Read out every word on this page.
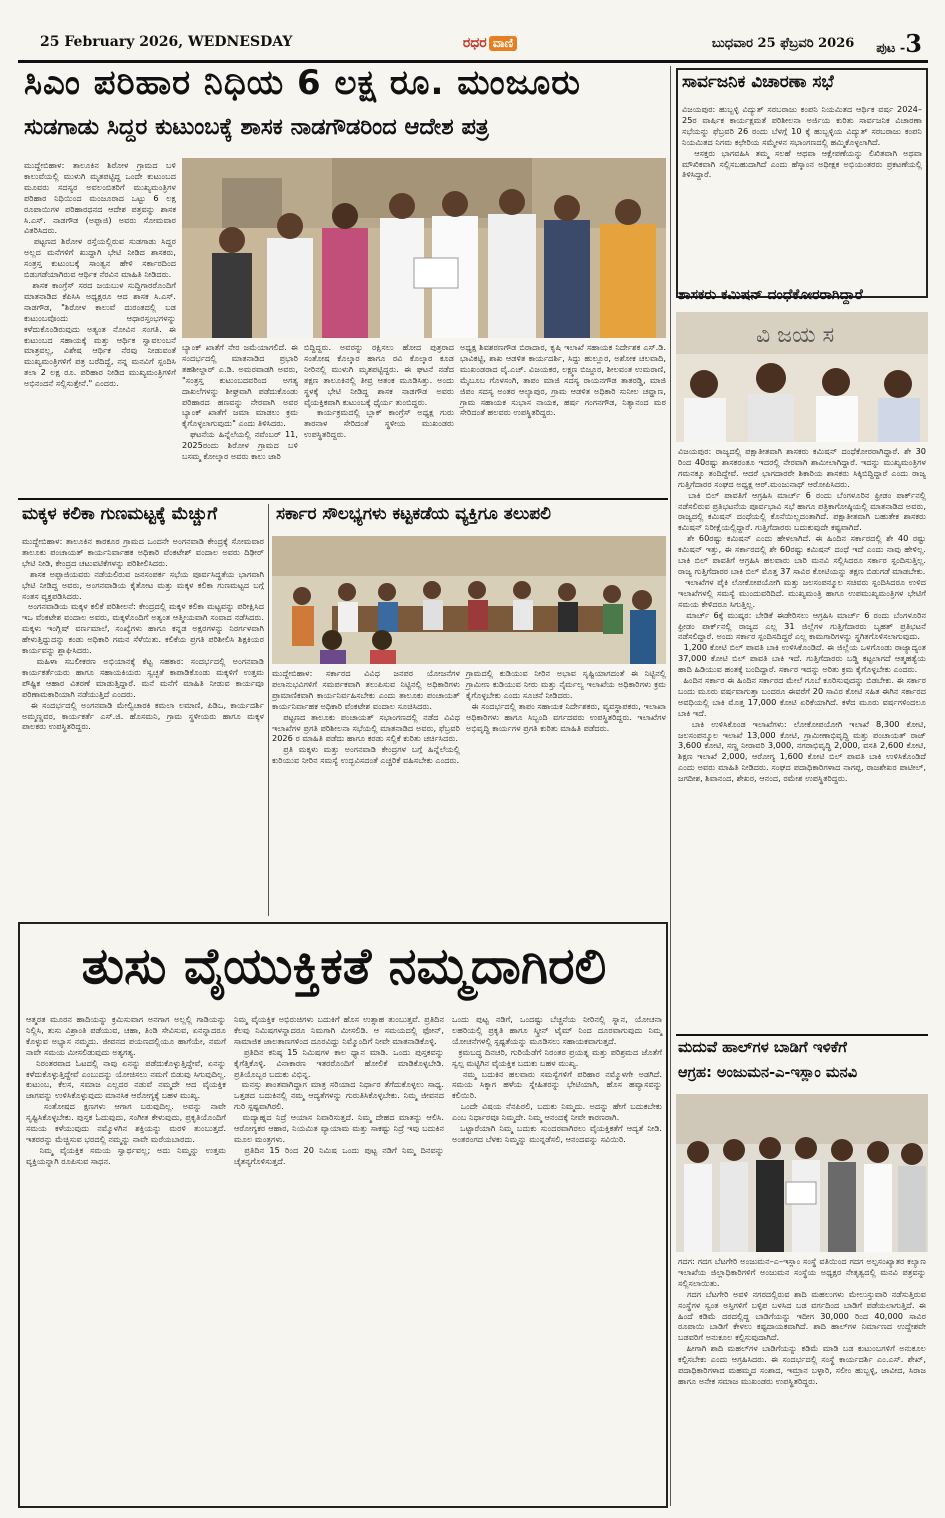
25 February 2026, WEDNESDAY	ರಧರ ವಾಣಿ	ಬುಧವಾರ 25 ಫೆಬ್ರವರಿ 2026 ಪುಟ -3
ಸಿಎಂ ಪರಿಹಾರ ನಿಧಿಯ 6 ಲಕ್ಷ ರೂ. ಮಂಜೂರು
ಸುಡಗಾಡು ಸಿದ್ದರ ಕುಟುಂಬಕ್ಕೆ ಶಾಸಕ ನಾಡಗೌಡರಿಂದ ಆದೇಶ ಪತ್ರ
ಮುದ್ದೇಬಿಹಾಳ: ತಾಲೂಕಿನ ಶಿರೋಳ ಗ್ರಾಮದ ಬಳಿ ಕಾಲುವೆಯಲ್ಲಿ ಮುಳುಗಿ ಮೃತಪಟ್ಟಿದ್ದ ಒಂದೇ ಕುಟುಂಬದ ಮೂವರು ಸದಸ್ಯರ ಅವಲಂಬಿತರಿಗೆ ಮುಖ್ಯಮಂತ್ರಿಗಳ ಪರಿಹಾರ ನಿಧಿಯಿಂದ ಮಂಜೂರಾದ ಒಟ್ಟು 6 ಲಕ್ಷ ರೂಪಾಯಿಗಳ ಪರಿಹಾರಧನದ ಆದೇಶ ಪತ್ರವನ್ನು ಶಾಸಕ ಸಿ.ಎಸ್. ನಾಡಗೌಡ (ಅಪ್ಪಾಜಿ) ಅವರು ಸೋಮವಾರ ವಿತರಿಸಿದರು.
ಪಟ್ಟಣದ ಶಿರೋಳ ರಸ್ತೆಯಲ್ಲಿರುವ ಸುಡಗಾಡು ಸಿದ್ದರ ಅಲ್ಲದ ಮನೆಗಳಿಗೆ ಖುದ್ದಾಗಿ ಭೇಟಿ ನೀಡಿದ ಶಾಸಕರು, ಸಂತ್ರಸ್ತ ಕುಟುಂಬಕ್ಕೆ ಸಾಂತ್ವನ ಹೇಳಿ ಸರ್ಕಾರದಿಂದ ಬಿಡುಗಡೆಯಾಗಿರುವ ಆರ್ಥಿಕ ನೆರವಿನ ಮಾಹಿತಿ ನೀಡಿದರು.
ಶಾಸಕ ಕಾಂಗ್ರೆಸ್ ಸರದ ಜಯಬುಳ ಸುದ್ದಿಗಾರರೊಂದಿಗೆ ಮಾತನಾಡಿದ ಕೆಪಿಸಿಸಿ ಅಧ್ಯಕ್ಷರೂ ಆದ ಶಾಸಕ ಸಿ.ಎಸ್. ನಾಡಗೌಡ, "ಶಿರೋಳ ಕಾಲುವೆ ದುರಂತದಲ್ಲಿ ಬಡ ಕುಟುಂಬವೊಂದು ಆಧಾರಸ್ತಂಭಗಳನ್ನು ಕಳೆದುಕೊಂಡಿರುವುದು ಅತ್ಯಂತ ನೋವಿನ ಸಂಗತಿ. ಈ ಕುಟುಂಬದ ಸಹಾಯಕ್ಕೆ ಮತ್ತು ಆರ್ಥಿಕ ಸ್ವಾವಲಂಬನೆ ಮಾತ್ರವಲ್ಲ, ವಿಶೇಷ ಆರ್ಥಿಕ ನೆರವು ನೀಡುವಂತೆ ಮುಖ್ಯಮಂತ್ರಿಗಳಿಗೆ ಪತ್ರ ಬರೆದಿದ್ದೆ, ನನ್ನ ಮನವಿಗೆ ಸ್ಪಂದಿಸಿ ತಲಾ 2 ಲಕ್ಷ ರೂ. ಪರಿಹಾರ ನೀಡಿದ ಮುಖ್ಯಮಂತ್ರಿಗಳಿಗೆ ಅಭಿನಂದನೆ ಸಲ್ಲಿಸುತ್ತೇನೆ." ಎಂದರು.
ಬ್ಯಾಂಕ್ ಖಾತೆಗೆ ನೇರ ಜಮೆಯಾಗಲಿದೆ. ಈ ಸಂದರ್ಭದಲ್ಲಿ ಮಾತನಾಡಿದ ಪ್ರಭಾರಿ ತಹಶೀಲ್ದಾರ್ ಎ.ಡಿ. ಅಮರವಾಡಗಿ ಅವರು, "ಸಂತ್ರಸ್ತ ಕುಟುಂಬದವರಿಂದ ಅಗತ್ಯ ದಾಖಲೆಗಳನ್ನು ಶೀಘ್ರವಾಗಿ ಪಡೆದುಕೊಂಡು ಪರಿಹಾರದ ಹಣವನ್ನು ನೇರವಾಗಿ ಅವರ ಬ್ಯಾಂಕ್ ಖಾತೆಗೆ ಜಮಾ ಮಾಡಲು ಕ್ರಮ ಕೈಗೊಳ್ಳಲಾಗುವುದು" ಎಂದು ತಿಳಿಸಿದರು.
ಘಟನೆಯ ಹಿನ್ನೆಲೆಯಲ್ಲಿ ನವೆಂಬರ್ 11, 2025ರಂದು ಶಿರೋಳ ಗ್ರಾಮದ ಬಳಿ ಬಸಮ್ಮ ಕೋಲ್ಕಾರ ಅವರು ಕಾಲು ಜಾರಿ
ಬಿದ್ದಿದ್ದರು. ಅವರನ್ನು ರಕ್ಷಿಸಲು ಹೋದ ಪುತ್ರರಾದ ಸಂತೋಷ ಕೊಲ್ಕಾರ ಹಾಗೂ ರವಿ ಕೊಲ್ಕಾರ ಕೂಡ ನೀರಿನಲ್ಲಿ ಮುಳುಗಿ ಮೃತಪಟ್ಟಿದ್ದರು. ಈ ಘಟನೆ ನಡೆದ ತಕ್ಷಣ ತಾಲೂಕಿನಲ್ಲಿ ತೀವ್ರ ಆತಂಕ ಮೂಡಿಸಿತ್ತು. ಅಂದು ಸ್ಥಳಕ್ಕೆ ಭೇಟಿ ನೀಡಿದ್ದ ಶಾಸಕ ನಾಡಗೌಡ ಅವರು ವೈಯಕ್ತಿಕವಾಗಿ ಕುಟುಂಬಕ್ಕೆ ಧೈರ್ಯ ತುಂಬಿದ್ದರು.
ಕಾರ್ಯಕ್ರಮದಲ್ಲಿ ಬ್ಲಾಕ್ ಕಾಂಗ್ರೆಸ್ ಅಧ್ಯಕ್ಷ ಗುರು ತಾರನಾಳ ಸೇರಿದಂತೆ ಸ್ಥಳೀಯ ಮುಖಂಡರು ಉಪಸ್ಥಿತರಿದ್ದರು.
ಅಧ್ಯಕ್ಷ ಶಿವಶರಣಗೌಡ ಬಿರಾದಾರ, ಕೃಷಿ ಇಲಾಖೆ ಸಹಾಯಕ ನಿರ್ದೇಶಕ ಎಸ್.ಡಿ. ಭಾವಿಕಟ್ಟಿ, ಶಾಖ ಆಡಳಿತ ಕಾರ್ಯದರ್ಶಿ, ಸಿದ್ದು ಹುಲ್ಲೂರ, ಅಶೋಕ ಚಲವಾದಿ, ಮುಖಂಡರಾದ ವೈ.ಎಚ್. ವಿಜಯಕರ, ಲಕ್ಷ್ಮಣ ಬಿಜ್ಜೂರ, ಶೀಲವಂತ ಉಮರಾಣಿ, ಮೈಬೂಬ ಗೊಳಸಂಗಿ, ತಾಪಂ ಮಾಜಿ ಸದಸ್ಯ ರಾಯನಗೌಡ ತಾತರಡ್ಡಿ, ಮಾಜಿ ಜಿಪಂ ಸದಸ್ಯ ಅಂತರ ಆಲ್ಯಾಪುರ, ಗ್ರಾಮ ಆಡಳಿತ ಅಧಿಕಾರಿ ಸುನೀಲ ಚವ್ಹಾಣ, ಗ್ರಾಮ ಸಹಾಯಕ ಸುಭಾಸ ನಾಯಕ, ಹರ್ಷ ಗಂಗನಗೌಡ, ನಿತ್ಯಾನಂದ ಮಠ ಸೇರಿದಂತೆ ಹಲವರು ಉಪಸ್ಥಿತರಿದ್ದರು.
ಮಕ್ಕಳ ಕಲಿಕಾ ಗುಣಮಟ್ಟಕ್ಕೆ ಮೆಚ್ಚುಗೆ
ಮುದ್ದೇಬಿಹಾಳ: ತಾಲೂಕಿನ ಕಾರಕೂರ ಗ್ರಾಮದ ಒಂದನೇ ಅಂಗನವಾಡಿ ಕೇಂದ್ರಕ್ಕೆ ಸೋಮವಾರ ತಾಲೂಕು ಪಂಚಾಯತ್ ಕಾರ್ಯನಿರ್ವಾಹಕ ಅಧಿಕಾರಿ ವೆಂಕಟೇಶ್ ವಂದಾಲ ಅವರು ದಿಢೀರ್ ಭೇಟಿ ನೀಡಿ, ಕೇಂದ್ರದ ಚಟುವಟಿಕೆಗಳನ್ನು ಪರಿಶೀಲಿಸಿದರು.
ಶಾಸಕ ಅಪ್ಪಾಜಿಯವರು ನಡೆಯಲಿರುವ ಜನಸಂಪರ್ಕ ಸಭೆಯ ಪೂರ್ವಸಿದ್ಧತೆಯ ಭಾಗವಾಗಿ ಭೇಟಿ ನೀಡಿದ್ದ ಅವರು, ಅಂಗನವಾಡಿಯ ಕೈತೋಟ ಮತ್ತು ಮಕ್ಕಳ ಕಲಿಕಾ ಗುಣಮಟ್ಟದ ಬಗ್ಗೆ ಸಂತಸ ವ್ಯಕ್ತಪಡಿಸಿದರು.
ಅಂಗನವಾಡಿಯ ಮಕ್ಕಳ ಕಲಿಕೆ ಪರಿಶೀಲನೆ: ಕೇಂದ್ರದಲ್ಲಿ ಮಕ್ಕಳ ಕಲಿಕಾ ಮಟ್ಟವನ್ನು ಪರೀಕ್ಷಿಸಿದ ಇಒ ವೆಂಕಟೇಶ ವಂದಾಲ ಅವರು, ಮಕ್ಕಳೊಂದಿಗೆ ಅತ್ಯಂತ ಆತ್ಮೀಯವಾಗಿ ಸಂವಾದ ನಡೆಸಿದರು. ಮಕ್ಕಳು ಇಂಗ್ಲಿಷ್ ವರ್ಣಮಾಲೆ, ಸಂಖ್ಯೆಗಳು ಹಾಗೂ ಕನ್ನಡ ಅಕ್ಷರಗಳನ್ನು ನಿರರ್ಗಳವಾಗಿ ಹೇಳುತ್ತಿದ್ದುದನ್ನು ಕಂಡು ಅಧಿಕಾರಿ ಗಮನ ಸೆಳೆಯಿತು. ಕಲಿಕೆಯ ಪ್ರಗತಿ ಪರಿಶೀಲಿಸಿ ಶಿಕ್ಷಕಿಯರ ಕಾರ್ಯವನ್ನು ಶ್ಲಾಘಿಸಿದರು.
ಮಹಿಳಾ ಸಬಲೀಕರಣ ಅಭಿಯಾನಕ್ಕೆ ಕೆಟ್ಟ ಸಹಕಾರ: ಸಂದರ್ಭದಲ್ಲಿ ಅಂಗನವಾಡಿ ಕಾರ್ಯಕರ್ತೆಯರು ಹಾಗೂ ಸಹಾಯಕಿಯರು ಸ್ವಚ್ಛತೆ ಕಾಪಾಡಿಕೊಂಡು ಮಕ್ಕಳಿಗೆ ಉತ್ತಮ ಪೌಷ್ಟಿಕ ಆಹಾರ ವಿತರಣೆ ಮಾಡುತ್ತಿದ್ದಾರೆ. ಮನೆ ಮನೆಗೆ ಮಾಹಿತಿ ನೀಡುವ ಕಾರ್ಯವೂ ಪರಿಣಾಮಕಾರಿಯಾಗಿ ನಡೆಯುತ್ತಿದೆ ಎಂದರು.
ಈ ಸಂದರ್ಭದಲ್ಲಿ ಅಂಗನವಾಡಿ ಮೇಲ್ವಿಚಾರಕಿ ಕಮಲಾ ಲಮಾಣಿ, ಪಿಡಿಒ, ಕಾರ್ಯದರ್ಶಿ ಅಮ್ಮಣ್ಣವರ, ಕಾರ್ಯಕರ್ತೆ ಎಸ್.ಜಿ. ಹೊಸಮನಿ, ಗ್ರಾಮ ಸ್ಥಳೀಯರು ಹಾಗೂ ಮಕ್ಕಳ ಪಾಲಕರು ಉಪಸ್ಥಿತರಿದ್ದರು.
ಸರ್ಕಾರ ಸೌಲಭ್ಯಗಳು ಕಟ್ಟಕಡೆಯ ವ್ಯಕ್ತಿಗೂ ತಲುಪಲಿ
ಮುದ್ದೇಬಿಹಾಳ: ಸರ್ಕಾರದ ವಿವಿಧ ಜನಪರ ಯೋಜನೆಗಳ ಪಲಾನುಭವಿಗಳಿಗೆ ಸಮರ್ಪಕವಾಗಿ ತಲುಪಿಸುವ ನಿಟ್ಟಿನಲ್ಲಿ ಅಧಿಕಾರಿಗಳು ಪ್ರಾಮಾಣಿಕವಾಗಿ ಕಾರ್ಯನಿರ್ವಹಿಸಬೇಕು ಎಂದು ತಾಲೂಕು ಪಂಚಾಯತ್ ಕಾರ್ಯನಿರ್ವಾಹಕ ಅಧಿಕಾರಿ ವೆಂಕಟೇಶ ವಂದಾಲ ಸೂಚಿಸಿದರು.
ಪಟ್ಟಣದ ತಾಲೂಕು ಪಂಚಾಯತ್ ಸಭಾಂಗಣದಲ್ಲಿ ನಡೆದ ವಿವಿಧ ಇಲಾಖೆಗಳ ಪ್ರಗತಿ ಪರಿಶೀಲನಾ ಸಭೆಯಲ್ಲಿ ಮಾತನಾಡಿದ ಅವರು, ಫೆಬ್ರವರಿ 2026 ರ ಮಾಹಿತಿ ಪಡೆದು ಹಾಗೂ ಕರಡು ಸಲ್ಲಿಕೆ ಕುರಿತು ಚರ್ಚಿಸಿದರು.
ಪ್ರತಿ ಮಕ್ಕಳು ಮತ್ತು ಅಂಗನವಾಡಿ ಕೇಂದ್ರಗಳ ಬಗ್ಗೆ ಹಿನ್ನೆಲೆಯಲ್ಲಿ ಕುರಿಯುವ ನೀರಿನ ಸಮಸ್ಯೆ ಉದ್ಭವಿಸದಂತೆ ಎಚ್ಚರಿಕೆ ವಹಿಸಬೇಕು ಎಂದರು.
ಗ್ರಾಮದಲ್ಲಿ ಕುಡಿಯುವ ನೀರಿನ ಅಭಾವ ಸೃಷ್ಟಿಯಾಗದಂತೆ ಈ ನಿಟ್ಟಿನಲ್ಲಿ ಗ್ರಾಮೀಣ ಕುಡಿಯುವ ನೀರು ಮತ್ತು ನೈರ್ಮಲ್ಯ ಇಲಾಖೆಯ ಅಧಿಕಾರಿಗಳು ಕ್ರಮ ಕೈಗೊಳ್ಳಬೇಕು ಎಂದು ಸೂಚನೆ ನೀಡಿದರು.
ಈ ಸಂದರ್ಭದಲ್ಲಿ ತಾಪಂ ಸಹಾಯಕ ನಿರ್ದೇಶಕರು, ವ್ಯವಸ್ಥಾಪಕರು, ಇಲಾಖಾ ಅಧಿಕಾರಿಗಳು ಹಾಗೂ ಸಿಬ್ಬಂದಿ ವರ್ಗದವರು ಉಪಸ್ಥಿತರಿದ್ದರು. ಇಲಾಖೆಗಳ ಅಭಿವೃದ್ಧಿ ಕಾರ್ಯಗಳ ಪ್ರಗತಿ ಕುರಿತು ಮಾಹಿತಿ ಪಡೆದರು.
ತುಸು ವೈಯುಕ್ತಿಕತೆ ನಮ್ಮದಾಗಿರಲಿ
ಆತ್ಮರತ ಮೂರನ ಹಾದಿಯನ್ನು ಕ್ರಮಿಸುವಾಗ ಅನಗಾಗ ಅಲ್ಲಲ್ಲಿ ಗಾಡಿಯನ್ನು ನಿಲ್ಲಿಸಿ, ತುಸು ವಿಶ್ರಾಂತಿ ಪಡೆಯುವ, ಚಹಾ, ತಿಂಡಿ ಸೇವಿಸುವ, ಏನನ್ನಾದರೂ ಕೊಳ್ಳುವ ಅಭ್ಯಾಸ ನಮ್ಮದು. ಜೀವನದ ಪಯಣದಲ್ಲಿಯೂ ಹಾಗೆಯೇ, ನಮಗೆ ನಾವೇ ಸಮಯ ಮೀಸಲಿಡುವುದು ಅತ್ಯಗತ್ಯ.
ನಿರಂತರವಾದ ಓಟದಲ್ಲಿ ನಾವು ಏನನ್ನು ಪಡೆದುಕೊಳ್ಳುತ್ತಿದ್ದೇವೆ, ಏನನ್ನು ಕಳೆದುಕೊಳ್ಳುತ್ತಿದ್ದೇವೆ ಎಂಬುದನ್ನು ಯೋಚಿಸಲು ನಮಗೆ ಬಿಡುವು ಸಿಗುವುದಿಲ್ಲ. ಕುಟುಂಬ, ಕೆಲಸ, ಸಮಾಜ ಎಲ್ಲದರ ನಡುವೆ ನಮ್ಮದೇ ಆದ ವೈಯಕ್ತಿಕ ಜಾಗವನ್ನು ಉಳಿಸಿಕೊಳ್ಳುವುದು ಮಾನಸಿಕ ಆರೋಗ್ಯಕ್ಕೆ ಬಹಳ ಮುಖ್ಯ.
ಸಂತೋಷದ ಕ್ಷಣಗಳು ಆಗಾಗ ಬರುವುದಿಲ್ಲ. ಅವನ್ನು ನಾವೇ ಸೃಷ್ಟಿಸಿಕೊಳ್ಳಬೇಕು. ಪುಸ್ತಕ ಓದುವುದು, ಸಂಗೀತ ಕೇಳುವುದು, ಪ್ರಕೃತಿಯೊಂದಿಗೆ ಸಮಯ ಕಳೆಯುವುದು ನಮ್ಮೊಳಗಿನ ಶಕ್ತಿಯನ್ನು ಮರಳಿ ತುಂಬುತ್ತದೆ. ಇತರರನ್ನು ಮೆಚ್ಚಿಸುವ ಭರದಲ್ಲಿ ನಮ್ಮನ್ನು ನಾವೇ ಮರೆಯಬಾರದು.
ನಿಮ್ಮ ವೈಯಕ್ತಿಕ ಸಮಯ ಸ್ವಾರ್ಥವಲ್ಲ; ಅದು ನಿಮ್ಮನ್ನು ಉತ್ತಮ ವ್ಯಕ್ತಿಯನ್ನಾಗಿ ರೂಪಿಸುವ ಸಾಧನ.
ನಿಮ್ಮ ವೈಯಕ್ತಿಕ ಅಭಿರುಚಿಗಳು ಬದುಕಿಗೆ ಹೊಸ ಉತ್ಸಾಹ ತುಂಬುತ್ತವೆ. ಪ್ರತಿದಿನ ಕೆಲವು ನಿಮಿಷಗಳನ್ನಾದರೂ ನಿಮಗಾಗಿ ಮೀಸಲಿಡಿ. ಆ ಸಮಯದಲ್ಲಿ ಫೋನ್, ಸಾಮಾಜಿಕ ಜಾಲತಾಣಗಳಿಂದ ದೂರವಿದ್ದು ನಿಮ್ಮೊಂದಿಗೆ ನೀವೇ ಮಾತನಾಡಿಕೊಳ್ಳಿ.
ಪ್ರತಿದಿನ ಕನಿಷ್ಠ 15 ನಿಮಿಷಗಳ ಕಾಲ ಧ್ಯಾನ ಮಾಡಿ. ಒಂದು ಪುಸ್ತಕವನ್ನು ಕೈಗೆತ್ತಿಕೊಳ್ಳಿ. ವಿನಾಕಾರಣ ಇತರರೊಂದಿಗೆ ಹೋಲಿಕೆ ಮಾಡಿಕೊಳ್ಳಬೇಡಿ. ಪ್ರತಿಯೊಬ್ಬರ ಬದುಕು ವಿಭಿನ್ನ.
ಮನಸ್ಸು ಶಾಂತವಾಗಿದ್ದಾಗ ಮಾತ್ರ ಸರಿಯಾದ ನಿರ್ಧಾರ ತೆಗೆದುಕೊಳ್ಳಲು ಸಾಧ್ಯ. ಒತ್ತಡದ ಬದುಕಿನಲ್ಲಿ ನಮ್ಮ ಆದ್ಯತೆಗಳನ್ನು ಗುರುತಿಸಿಕೊಳ್ಳಬೇಕು. ನಿಮ್ಮ ಜೀವನದ ಗುರಿ ಸ್ಪಷ್ಟವಾಗಿರಲಿ.
ಮದ್ಯಾಹ್ನದ ನಿದ್ರೆ ಆಯಾಸ ನಿವಾರಿಸುತ್ತದೆ. ನಿಮ್ಮ ದೇಹದ ಮಾತನ್ನು ಆಲಿಸಿ. ಆರೋಗ್ಯಕರ ಆಹಾರ, ನಿಯಮಿತ ವ್ಯಾಯಾಮ ಮತ್ತು ಸಾಕಷ್ಟು ನಿದ್ರೆ ಇವು ಬದುಕಿನ ಮೂಲ ಮಂತ್ರಗಳು.
ಪ್ರತಿದಿನ 15 ರಿಂದ 20 ನಿಮಿಷ ಒಂದು ಪುಟ್ಟ ನಡಿಗೆ ನಿಮ್ಮ ದಿನವನ್ನು ಚೈತನ್ಯಗೊಳಿಸುತ್ತದೆ.
ಒಂದು ಪುಟ್ಟ ನಡಿಗೆ, ಒಂದಷ್ಟು ಬೆಚ್ಚನೆಯ ನೀರಿನಲ್ಲಿ ಸ್ನಾನ, ಯೋಚನಾ ಲಹರಿಯಲ್ಲಿ ಪ್ರಕೃತಿ ಹಾಗೂ ಸ್ಕ್ರೀನ್ ಟೈಮ್ ನಿಂದ ದೂರವಾಗುವುದು ನಿಮ್ಮ ಯೋಚನೆಗಳಲ್ಲಿ ಸ್ಪಷ್ಟತೆಯನ್ನು ಮೂಡಿಸಲು ಸಹಾಯಕವಾಗುತ್ತದೆ.
ಕ್ರಮಬದ್ಧ ದಿನಚರಿ, ಗುರಿಯೆಡೆಗೆ ನಿರಂತರ ಪ್ರಯತ್ನ ಮತ್ತು ಪರಿಶ್ರಮದ ಜೊತೆಗೆ ಸ್ವಲ್ಪ ಮಟ್ಟಿಗಿನ ವೈಯಕ್ತಿಕ ಬದುಕು ಬಹಳ ಮುಖ್ಯ.
ನಮ್ಮ ಬದುಕಿನ ಹಲವಾರು ಸಮಸ್ಯೆಗಳಿಗೆ ಪರಿಹಾರ ನಮ್ಮೊಳಗೇ ಅಡಗಿದೆ. ಸಮಯ ಸಿಕ್ಕಾಗ ಹಳೆಯ ಸ್ನೇಹಿತರನ್ನು ಭೇಟಿಯಾಗಿ, ಹೊಸ ಹವ್ಯಾಸವನ್ನು ಕಲಿಯಿರಿ.
ಒಂದೇ ವಿಷಯ ನೆನಪಿರಲಿ, ಬದುಕು ನಿಮ್ಮದು. ಅದನ್ನು ಹೇಗೆ ಬದುಕಬೇಕು ಎಂಬ ನಿರ್ಧಾರವೂ ನಿಮ್ಮದೇ. ನಿಮ್ಮ ಆನಂದಕ್ಕೆ ನೀವೇ ಕಾರಣರಾಗಿ.
ಒಟ್ಟಾರೆಯಾಗಿ ನಿಮ್ಮ ಬದುಕು ಸುಂದರವಾಗಿರಲು ವೈಯಕ್ತಿಕತೆಗೆ ಆದ್ಯತೆ ನೀಡಿ. ಅಂತರಂಗದ ಬೆಳಕು ನಿಮ್ಮನ್ನು ಮುನ್ನಡೆಸಲಿ, ಆನಂದವನ್ನು ಸವಿಯಿರಿ.
ಸಾರ್ವಜನಿಕ ವಿಚಾರಣಾ ಸಭೆ
ವಿಜಯಪುರ: ಹುಬ್ಬಳ್ಳಿ ವಿದ್ಯುತ್ ಸರಬರಾಜು ಕಂಪನಿ ನಿಯಮಿತದ ಆರ್ಥಿಕ ವರ್ಷ 2024–25ರ ವಾರ್ಷಿಕ ಕಾರ್ಯಕ್ಷಮತೆ ಪರಿಶೀಲನಾ ಅರ್ಜಿಯ ಕುರಿತು ಸಾರ್ವಜನಿಕ ವಿಚಾರಣಾ ಸಭೆಯನ್ನು ಫೆಬ್ರವರಿ 26 ರಂದು ಬೆಳಗ್ಗೆ 10 ಕ್ಕೆ ಹುಬ್ಬಳ್ಳಿಯ ವಿದ್ಯುತ್ ಸರಬರಾಜು ಕಂಪನಿ ನಿಯಮಿತದ ನಿಗಮ ಕಛೇರಿಯ ಸಮ್ಮೇಳನ ಸಭಾಂಗಣದಲ್ಲಿ ಹಮ್ಮಿಕೊಳ್ಳಲಾಗಿದೆ.
ಆಸಕ್ತರು ಭಾಗವಹಿಸಿ ತಮ್ಮ ಸಲಹೆ ಆಥವಾ ಆಕ್ಷೇಪಣೆಯನ್ನು ಲಿಖಿತವಾಗಿ ಅಥವಾ ಮೌಖಿಕವಾಗಿ ಸಲ್ಲಿಸಬಹುದಾಗಿದೆ ಎಂದು ಹೆಸ್ಕಾಂನ ಅಧೀಕ್ಷಕ ಅಭಿಯಂತರರು ಪ್ರಕಟಣೆಯಲ್ಲಿ ತಿಳಿಸಿದ್ದಾರೆ.
ಶಾಸಕರು ಕಮಿಷನ್ ದಂಧೆಕೋರರಾಗಿದ್ದಾರೆ
ವಿ ಜಯ ಸ
ವಿಜಯಪುರ: ರಾಜ್ಯದಲ್ಲಿ ಪಕ್ಷಾತೀತವಾಗಿ ಶಾಸಕರು ಕಮಿಷನ್ ದಂಧೆಕೋರರಾಗಿದ್ದಾರೆ. ಶೇ 30 ರಿಂದ 40ರಷ್ಟು ಶಾಸಕರಂತೂ ಇದರಲ್ಲಿ ನೇರವಾಗಿ ಶಾಮೀಲಾಗಿದ್ದಾರೆ. ಇದನ್ನು ಮುಖ್ಯಮಂತ್ರಿಗಳ ಗಮನಕ್ಕೂ ತಂದಿದ್ದೇವೆ. ಆದರೆ ಭಾಗದಾರರೇ ಶಿಕಾರಿಯ ಶಾಸಕರು ಸಿಕ್ಕಿಬಿದ್ದಿದ್ದಾರೆ ಎಂದು ರಾಜ್ಯ ಗುತ್ತಿಗೆದಾರರ ಸಂಘದ ಅಧ್ಯಕ್ಷ ಆರ್.ಮಂಜುನಾಥ್ ಆರೋಪಿಸಿದರು.
ಬಾಕಿ ಬಿಲ್ ಪಾವತಿಗೆ ಆಗ್ರಹಿಸಿ ಮಾರ್ಚ್ 6 ರಂದು ಬೆಂಗಳೂರಿನ ಫ್ರೀಡಂ ಪಾರ್ಕ್‌ನಲ್ಲಿ ನಡೆಸಲಿರುವ ಪ್ರತಿಭಟನೆಯ ಪೂರ್ವಭಾವಿ ಸಭೆ ಹಾಗೂ ಪತ್ರಿಕಾಗೋಷ್ಠಿಯಲ್ಲಿ ಮಾತನಾಡಿದ ಅವರು, ರಾಜ್ಯದಲ್ಲಿ ಕಮಿಷನ್ ದಂಧೆಯಲ್ಲಿ ಕೊನೆಯಿಲ್ಲದಂತಾಗಿದೆ. ಪಕ್ಷಾತೀತವಾಗಿ ಬಹುತೇಕ ಶಾಸಕರು ಕಮಿಷನ್ ನಿರೀಕ್ಷೆಯಲ್ಲಿದ್ದಾರೆ. ಗುತ್ತಿಗೆದಾರರು ಬದುಕುವುದೇ ಕಷ್ಟವಾಗಿದೆ.
ಶೇ 60ರಷ್ಟು ಕಮಿಷನ್ ಎಂದು ಹೇಳಲಾಗಿದೆ. ಈ ಹಿಂದಿನ ಸರ್ಕಾರದಲ್ಲಿ ಶೇ 40 ರಷ್ಟು ಕಮಿಷನ್ ಇತ್ತು, ಈ ಸರ್ಕಾರದಲ್ಲಿ ಶೇ 60ರಷ್ಟು ಕಮಿಷನ್ ದಂಧೆ ಇದೆ ಎಂದು ನಾವು ಹೇಳಿಲ್ಲ. ಬಾಕಿ ಬಿಲ್ ಪಾವತಿಗೆ ಆಗ್ರಹಿಸಿ ಹಲವಾರು ಬಾರಿ ಮನವಿ ಸಲ್ಲಿಸಿದರೂ ಸರ್ಕಾರ ಸ್ಪಂದಿಸುತ್ತಿಲ್ಲ. ರಾಜ್ಯ ಗುತ್ತಿಗೆದಾರರ ಬಾಕಿ ಬಿಲ್ ಮೊತ್ತ 37 ಸಾವಿರ ಕೋಟಿಯನ್ನು ತಕ್ಷಣ ಬಿಡುಗಡೆ ಮಾಡಬೇಕು.
ಇಲಾಖೆಗಳ ಪೈಕಿ ಲೋಕೋಪಯೋಗಿ ಮತ್ತು ಜಲಸಂಪನ್ಮೂಲ ಸಚಿವರು ಸ್ಪಂದಿಸಿದರೂ ಉಳಿದ ಇಲಾಖೆಗಳಲ್ಲಿ ಸಮಸ್ಯೆ ಮುಂದುವರಿದಿದೆ. ಮುಖ್ಯಮಂತ್ರಿ ಹಾಗೂ ಉಪಮುಖ್ಯಮಂತ್ರಿಗಳ ಭೇಟಿಗೆ ಸಮಯ ಕೇಳಿದರೂ ಸಿಗುತ್ತಿಲ್ಲ.
ಮಾರ್ಚ್ 6ಕ್ಕೆ ಮುಷ್ಕರ: ಬೇಡಿಕೆ ಈಡೇರಿಸಲು ಆಗ್ರಹಿಸಿ ಮಾರ್ಚ್ 6 ರಂದು ಬೆಂಗಳೂರಿನ ಫ್ರೀಡಂ ಪಾರ್ಕ್‌ನಲ್ಲಿ ರಾಜ್ಯದ ಎಲ್ಲ 31 ಜಿಲ್ಲೆಗಳ ಗುತ್ತಿಗೆದಾರರು ಬೃಹತ್ ಪ್ರತಿಭಟನೆ ನಡೆಸಲಿದ್ದಾರೆ. ಅಂದು ಸರ್ಕಾರ ಸ್ಪಂದಿಸದಿದ್ದರೆ ಎಲ್ಲ ಕಾಮಗಾರಿಗಳನ್ನು ಸ್ಥಗಿತಗೊಳಿಸಲಾಗುವುದು.
1,200 ಕೋಟಿ ಬಿಲ್ ಪಾವತಿ ಬಾಕಿ ಉಳಿಸಿಕೊಂಡಿದೆ. ಈ ಜಿಲ್ಲೆಯ ಒಳಗೊಂಡು ರಾಜ್ಯಾದ್ಯಂತ 37,000 ಕೋಟಿ ಬಿಲ್ ಪಾವತಿ ಬಾಕಿ ಇದೆ. ಗುತ್ತಿಗೆದಾರರು ಬಡ್ಡಿ ಕಟ್ಟಲಾಗದೆ ಆತ್ಮಹತ್ಯೆಯ ಹಾದಿ ಹಿಡಿಯುವ ಹಂತಕ್ಕೆ ಬಂದಿದ್ದಾರೆ. ಸರ್ಕಾರ ಇದನ್ನು ಅರಿತು ಕ್ರಮ ಕೈಗೊಳ್ಳಬೇಕು ಎಂದರು.
ಹಿಂದಿನ ಸರ್ಕಾರ ಈ ಹಿಂದಿನ ಸರ್ಕಾರದ ಮೇಲೆ ಗೂಬೆ ಕೂರಿಸುವುದನ್ನು ಬಿಡಬೇಕು. ಈ ಸರ್ಕಾರ ಬಂದು ಮೂರು ವರ್ಷವಾಗುತ್ತಾ ಬಂದರೂ ಈವರೆಗೆ 20 ಸಾವಿರ ಕೋಟಿ ಸಹಿತ ಈಗಿನ ಸರ್ಕಾರದ ಅವಧಿಯಲ್ಲಿ ಬಾಕಿ ಮೊತ್ತ 17,000 ಕೋಟಿ ಏರಿಕೆಯಾಗಿದೆ. ಕಳೆದ ಮೂರು ವರ್ಷಗಳಿಂದಲೂ ಬಾಕಿ ಇದೆ.
ಬಾಕಿ ಉಳಿಸಿಕೊಂಡ ಇಲಾಖೆಗಳು: ಲೋಕೋಪಯೋಗಿ ಇಲಾಖೆ 8,300 ಕೋಟಿ, ಜಲಸಂಪನ್ಮೂಲ ಇಲಾಖೆ 13,000 ಕೋಟಿ, ಗ್ರಾಮೀಣಾಭಿವೃದ್ಧಿ ಮತ್ತು ಪಂಚಾಯತ್ ರಾಜ್ 3,600 ಕೋಟಿ, ಸಣ್ಣ ನೀರಾವರಿ 3,000, ನಗರಾಭಿವೃದ್ಧಿ 2,000, ವಸತಿ 2,600 ಕೋಟಿ, ಶಿಕ್ಷಣ ಇಲಾಖೆ 2,000, ಆರೋಗ್ಯ 1,600 ಕೋಟಿ ಬಿಲ್ ಪಾವತಿ ಬಾಕಿ ಉಳಿಸಿಕೊಂಡಿದೆ ಎಂದು ಅವರು ಮಾಹಿತಿ ನೀಡಿದರು. ಸಂಘದ ಪದಾಧಿಕಾರಿಗಳಾದ ನಾಗಪ್ಪ, ರಾಜಶೇಖರ ಪಾಟೀಲ್, ಜಗದೀಶ, ಶಿವಾನಂದ, ಶೇಖರ, ಆನಂದ, ರಮೇಶ ಉಪಸ್ಥಿತರಿದ್ದರು.
ಮದುವೆ ಹಾಲ್‌ಗಳ ಬಾಡಿಗೆ ಇಳಿಕೆಗೆ
ಆಗ್ರಹ: ಅಂಜುಮನ-ಎ-ಇಸ್ಲಾಂ ಮನವಿ
ಗದಗ: ಗದಗ ಬೆಟಗೇರಿ ಅಂಜುಮನ–ಎ–ಇಸ್ಲಾಂ ಸಂಸ್ಥೆ ವತಿಯಿಂದ ಗದಗ ಅಲ್ಪಸಂಖ್ಯಾತರ ಕಲ್ಯಾಣ ಇಲಾಖೆಯ ಜಿಲ್ಲಾಧಿಕಾರಿಗಳಿಗೆ ಅಂಜುಮನ ಸಂಸ್ಥೆಯ ಅಧ್ಯಕ್ಷರ ನೇತೃತ್ವದಲ್ಲಿ ಮನವಿ ಪತ್ರವನ್ನು ಸಲ್ಲಿಸಲಾಯಿತು.
ಗದಗ ಬೆಟಗೇರಿ ಅವಳಿ ನಗರದಲ್ಲಿರುವ ಶಾದಿ ಮಹಲುಗಳು ಮೇಲುಸ್ತುವಾರಿ ನಡೆಸುತ್ತಿರುವ ಸಂಸ್ಥೆಗಳ ಸ್ವಂತ ಅಸ್ತಿಗಳಿಗೆ ಬಳ್ಳಿಪ ಬಳಸಿದ ಬಡ ವರ್ಗದಿಂದ ಬಾಡಿಗೆ ಪಡೆಯಲಾಗುತ್ತಿದೆ. ಈ ಹಿಂದೆ ಕಡಿಮೆ ದರದಲ್ಲಿದ್ದ ಬಾಡಿಗೆಯನ್ನು ಇದೀಗ 30,000 ರಿಂದ 40,000 ಸಾವಿರ ರೂಪಾಯಿ ಬಾಡಿಗೆ ಕೇಳಲು ಕಷ್ಟದಾಯಕವಾಗಿದೆ. ಶಾದಿ ಹಾಲ್‌ಗಳ ನಿರ್ಮಾಣದ ಉದ್ದೇಶವೇ ಬಡವರಿಗೆ ಅನುಕೂಲ ಕಲ್ಪಿಸುವುದಾಗಿದೆ.
ಹೀಗಾಗಿ ಶಾದಿ ಮಹಲ್‌ಗಳ ಬಾಡಿಗೆಯನ್ನು ಕಡಿಮೆ ಮಾಡಿ ಬಡ ಕುಟುಂಬಗಳಿಗೆ ಅನುಕೂಲ ಕಲ್ಪಿಸಬೇಕು ಎಂದು ಆಗ್ರಹಿಸಿದರು. ಈ ಸಂದರ್ಭದಲ್ಲಿ ಸಂಸ್ಥೆ ಕಾರ್ಯದರ್ಶಿ ಎಂ.ಎಸ್. ಶೇಖ್, ಪದಾಧಿಕಾರಿಗಳಾದ ಮಹಮ್ಮದ ಸಂಶಾದ, ಇಮ್ರಾನ ಬಳ್ಳಾರಿ, ಸಲೀಂ ಹುಬ್ಬಳ್ಳಿ, ಜಾವೀದ, ಸಿರಾಜ ಹಾಗೂ ಅನೇಕ ಸಮಾಜ ಮುಖಂಡರು ಉಪಸ್ಥಿತರಿದ್ದರು.
